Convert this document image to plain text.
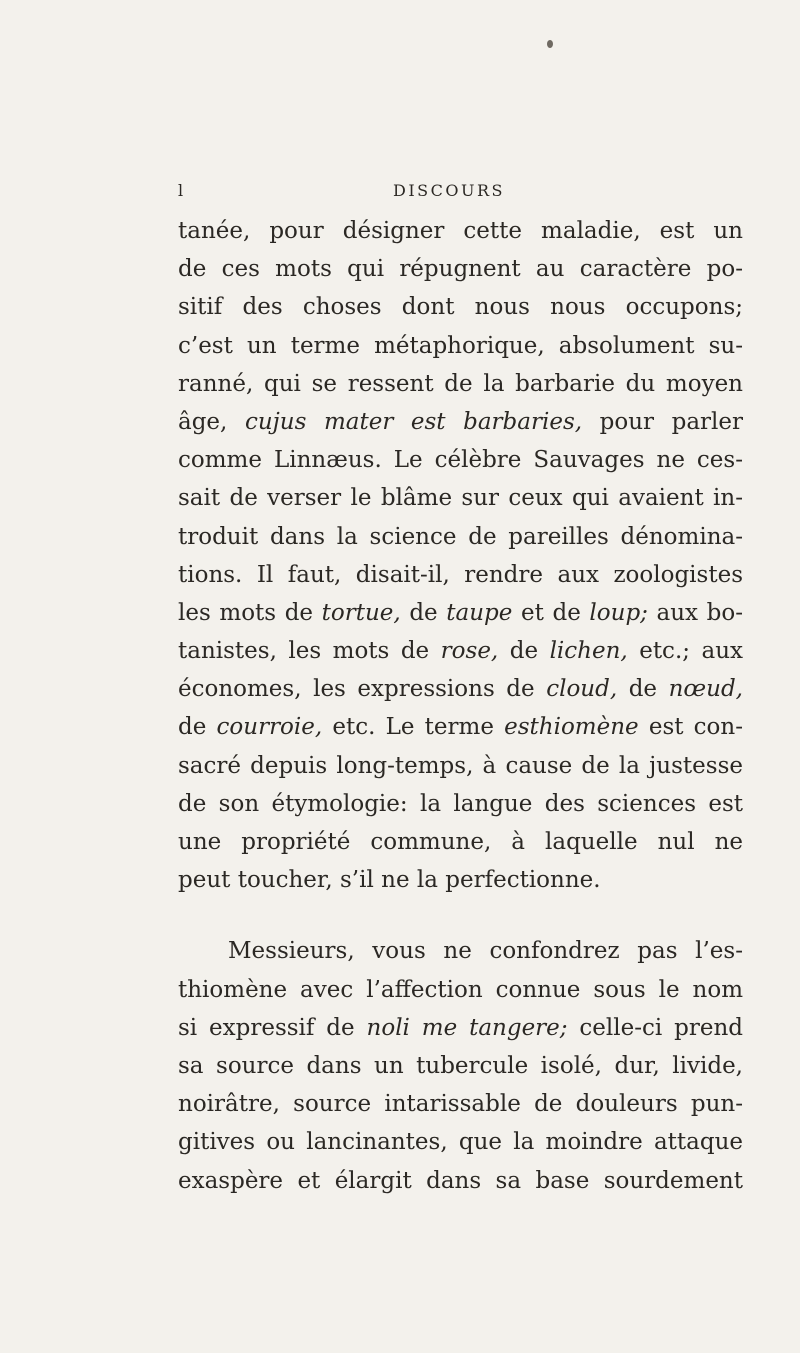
l	DISCOURS
tanée, pour désigner cette maladie, est un
de ces mots qui répugnent au caractère po-
sitif des choses dont nous nous occupons;
c’est un terme métaphorique, absolument su-
ranné, qui se ressent de la barbarie du moyen
âge, cujus mater est barbaries, pour parler
comme Linnæus. Le célèbre Sauvages ne ces-
sait de verser le blâme sur ceux qui avaient in-
troduit dans la science de pareilles dénomina-
tions. Il faut, disait-il, rendre aux zoologistes
les mots de tortue, de taupe et de loup; aux bo-
tanistes, les mots de rose, de lichen, etc.; aux
économes, les expressions de cloud, de nœud,
de courroie, etc. Le terme esthiomène est con-
sacré depuis long-temps, à cause de la justesse
de son étymologie: la langue des sciences est
une propriété commune, à laquelle nul ne
peut toucher, s’il ne la perfectionne.
Messieurs, vous ne confondrez pas l’es-
thiomène avec l’affection connue sous le nom
si expressif de noli me tangere; celle-ci prend
sa source dans un tubercule isolé, dur, livide,
noirâtre, source intarissable de douleurs pun-
gitives ou lancinantes, que la moindre attaque
exaspère et élargit dans sa base sourdement
